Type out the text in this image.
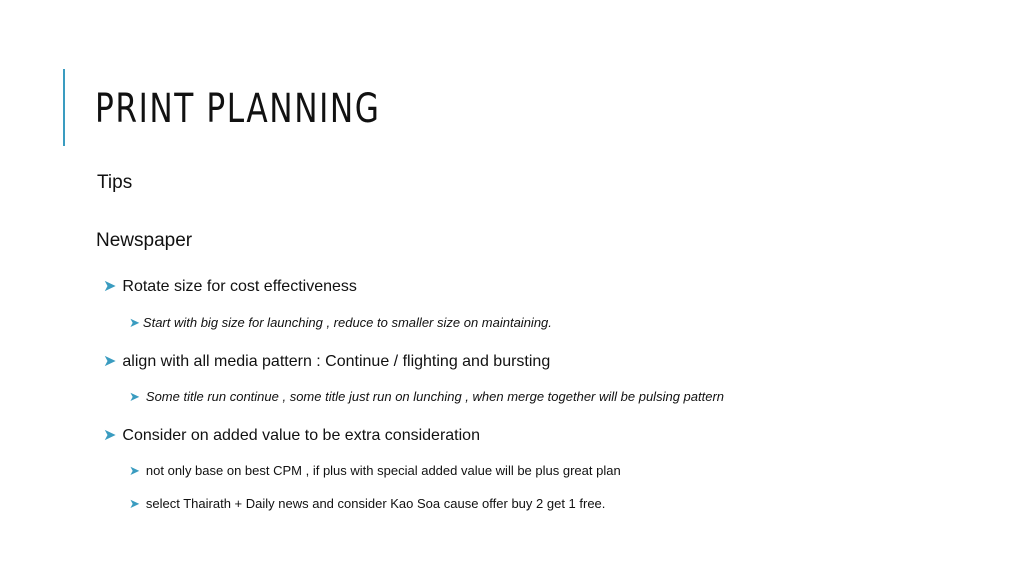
PRINT PLANNING
Tips
Newspaper
➤ Rotate size for cost effectiveness
➤ Start with big size for launching , reduce to smaller size on maintaining.
➤ align with all media pattern : Continue / flighting and bursting
➤ Some title run continue , some title just run on lunching , when merge together will be pulsing pattern
➤ Consider on added value to be extra consideration
➤ not only base on best CPM , if plus with special added value will be plus great plan
➤ select Thairath + Daily news and consider Kao Soa cause offer buy 2 get 1 free.
